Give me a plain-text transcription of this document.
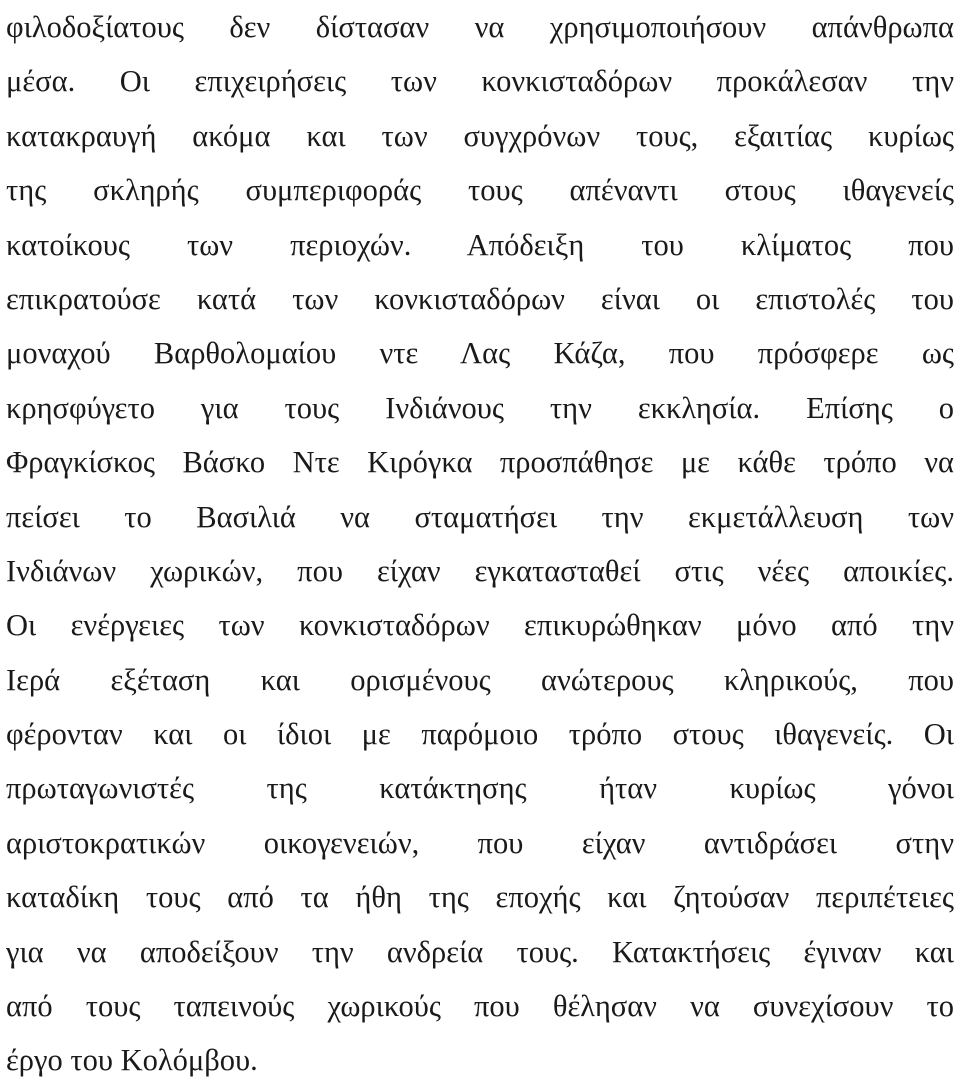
φιλοδοξίατους δεν δίστασαν να χρησιμοποιήσουν απάνθρωπα
μέσα. Οι επιχειρήσεις των κονκισταδόρων προκάλεσαν την
κατακραυγή ακόμα και των συγχρόνων τους, εξαιτίας κυρίως
της σκληρής συμπεριφοράς τους απέναντι στους ιθαγενείς
κατοίκους των περιοχών. Απόδειξη του κλίματος που
επικρατούσε κατά των κονκισταδόρων είναι οι επιστολές του
μοναχού Βαρθολομαίου ντε Λας Κάζα, που πρόσφερε ως
κρησφύγετο για τους Ινδιάνους την εκκλησία. Επίσης ο
Φραγκίσκος Βάσκο Ντε Κιρόγκα προσπάθησε με κάθε τρόπο να
πείσει το Βασιλιά να σταματήσει την εκμετάλλευση των
Ινδιάνων χωρικών, που είχαν εγκατασταθεί στις νέες αποικίες.
Οι ενέργειες των κονκισταδόρων επικυρώθηκαν μόνο από την
Ιερά εξέταση και ορισμένους ανώτερους κληρικούς, που
φέρονταν και οι ίδιοι με παρόμοιο τρόπο στους ιθαγενείς. Οι
πρωταγωνιστές της κατάκτησης ήταν κυρίως γόνοι
αριστοκρατικών οικογενειών, που είχαν αντιδράσει στην
καταδίκη τους από τα ήθη της εποχής και ζητούσαν περιπέτειες
για να αποδείξουν την ανδρεία τους. Κατακτήσεις έγιναν και
από τους ταπεινούς χωρικούς που θέλησαν να συνεχίσουν το
έργο του Κολόμβου.
